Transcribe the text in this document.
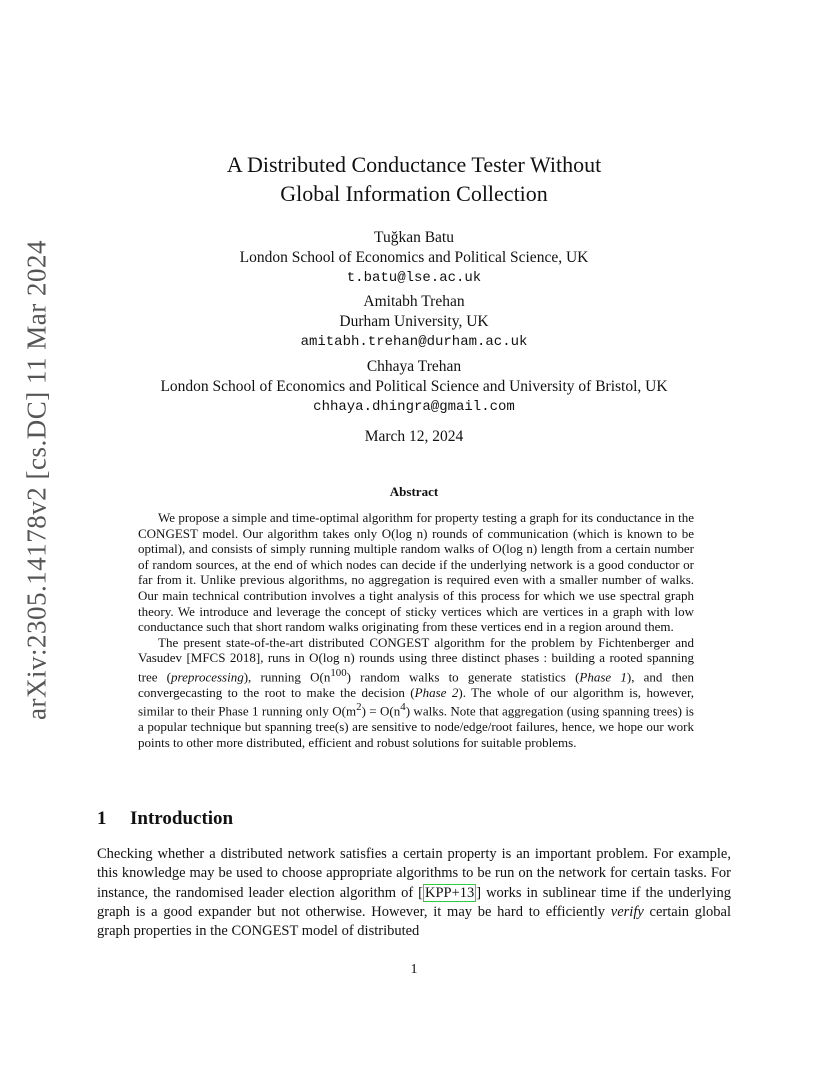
arXiv:2305.14178v2 [cs.DC] 11 Mar 2024
A Distributed Conductance Tester Without
Global Information Collection
Tuğkan Batu
London School of Economics and Political Science, UK
t.batu@lse.ac.uk
Amitabh Trehan
Durham University, UK
amitabh.trehan@durham.ac.uk
Chhaya Trehan
London School of Economics and Political Science and University of Bristol, UK
chhaya.dhingra@gmail.com
March 12, 2024
Abstract

We propose a simple and time-optimal algorithm for property testing a graph for its conductance in the CONGEST model. Our algorithm takes only O(log n) rounds of communication (which is known to be optimal), and consists of simply running multiple random walks of O(log n) length from a certain number of random sources, at the end of which nodes can decide if the underlying network is a good conductor or far from it. Unlike previous algorithms, no aggregation is required even with a smaller number of walks. Our main technical contribution involves a tight analysis of this process for which we use spectral graph theory. We introduce and leverage the concept of sticky vertices which are vertices in a graph with low conductance such that short random walks originating from these vertices end in a region around them.

The present state-of-the-art distributed CONGEST algorithm for the problem by Fichtenberger and Vasudev [MFCS 2018], runs in O(log n) rounds using three distinct phases : building a rooted spanning tree (preprocessing), running $O(n^{100})$ random walks to generate statistics (Phase 1), and then convergecasting to the root to make the decision (Phase 2). The whole of our algorithm is, however, similar to their Phase 1 running only $O(m^2) = O(n^4)$ walks. Note that aggregation (using spanning trees) is a popular technique but spanning tree(s) are sensitive to node/edge/root failures, hence, we hope our work points to other more distributed, efficient and robust solutions for suitable problems.

1 Introduction
Checking whether a distributed network satisfies a certain property is an important problem. For example, this knowledge may be used to choose appropriate algorithms to be run on the network for certain tasks. For instance, the randomised leader election algorithm of [ KPP+13 ] works in sublinear time if the underlying graph is a good expander but not otherwise. However, it may be hard to efficiently verify certain global graph properties in the CONGEST model of distributed
1
